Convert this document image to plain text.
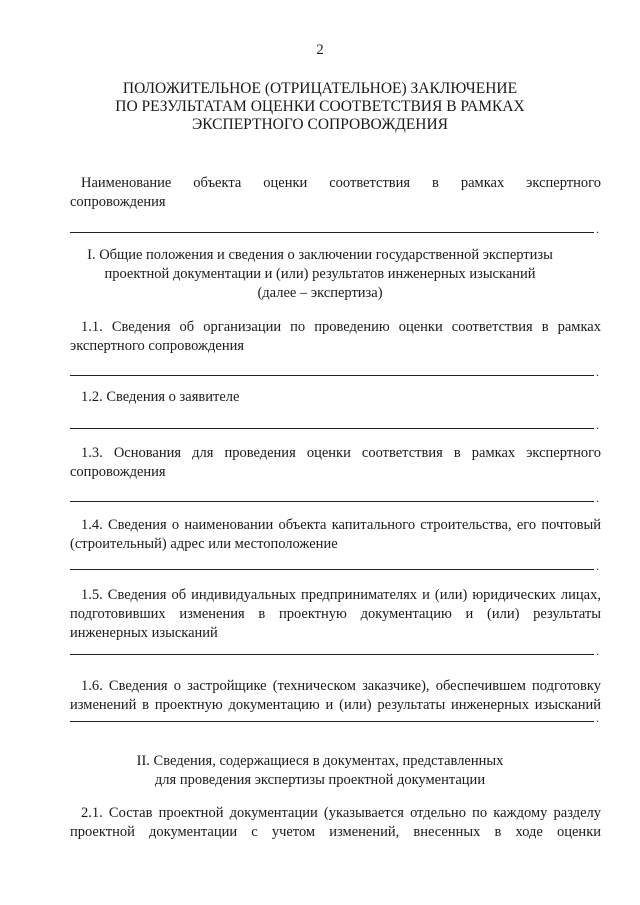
2
ПОЛОЖИТЕЛЬНОЕ (ОТРИЦАТЕЛЬНОЕ) ЗАКЛЮЧЕНИЕ
ПО РЕЗУЛЬТАТАМ ОЦЕНКИ СООТВЕТСТВИЯ В РАМКАХ
ЭКСПЕРТНОГО СОПРОВОЖДЕНИЯ
Наименование объекта оценки соответствия в рамках экспертного
сопровождения
.
I. Общие положения и сведения о заключении государственной экспертизы
проектной документации и (или) результатов инженерных изысканий
(далее – экспертиза)
1.1. Сведения об организации по проведению оценки соответствия в рамках
экспертного сопровождения
.
1.2. Сведения о заявителе
.
1.3. Основания для проведения оценки соответствия в рамках экспертного
сопровождения
.
1.4. Сведения о наименовании объекта капитального строительства, его почтовый
(строительный) адрес или местоположение
.
1.5. Сведения об индивидуальных предпринимателях и (или) юридических лицах,
подготовивших изменения в проектную документацию и (или) результаты
инженерных изысканий
.
1.6. Сведения о застройщике (техническом заказчике), обеспечившем подготовку
изменений в проектную документацию и (или) результаты инженерных изысканий
.
II. Сведения, содержащиеся в документах, представленных
для проведения экспертизы проектной документации
2.1. Состав проектной документации (указывается отдельно по каждому разделу
проектной документации с учетом изменений, внесенных в ходе оценки
